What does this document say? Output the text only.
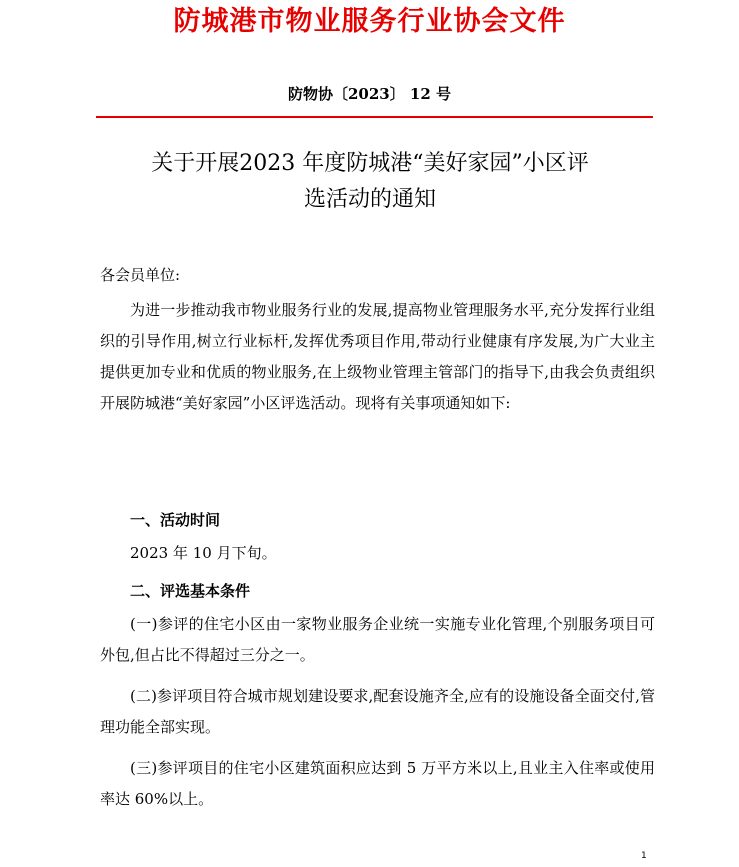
防城港市物业服务行业协会文件
防物协〔2023〕 12 号
关于开展2023 年度防城港“美好家园”小区评
选活动的通知
各会员单位:
为进一步推动我市物业服务行业的发展,提高物业管理服务水平,充分发挥行业组织的引导作用,树立行业标杆,发挥优秀项目作用,带动行业健康有序发展,为广大业主提供更加专业和优质的物业服务,在上级物业管理主管部门的指导下,由我会负责组织开展防城港“美好家园”小区评选活动。现将有关事项通知如下:
一、活动时间
2023 年 10 月下旬。
二、评选基本条件
(一)参评的住宅小区由一家物业服务企业统一实施专业化管理,个别服务项目可外包,但占比不得超过三分之一。
(二)参评项目符合城市规划建设要求,配套设施齐全,应有的设施设备全面交付,管理功能全部实现。
(三)参评项目的住宅小区建筑面积应达到 5 万平方米以上,且业主入住率或使用率达 60%以上。
1
